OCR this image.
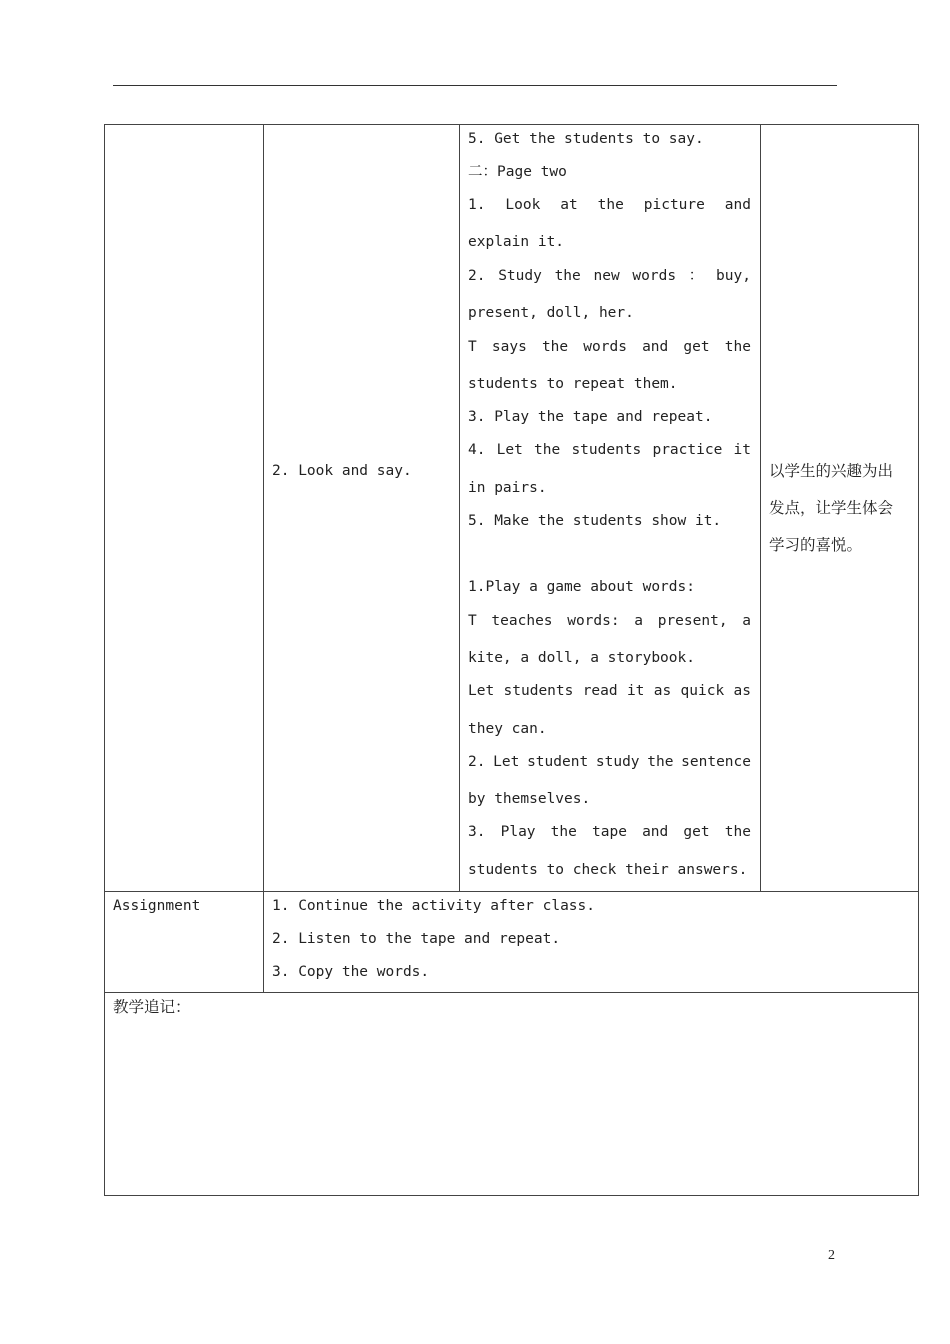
2. Look and say.
5. Get the students to say.
二：Page two
1. Look at the picture and
explain it.
2. Study the new words ： buy,
present, doll, her.
T says the words and get the
students to repeat them.
3. Play the tape and repeat.
4. Let the students practice it
in pairs.
5. Make the students show it.
1.Play a game about words:
T teaches words: a present, a
kite, a doll, a storybook.
Let students read it as quick as
they can.
2. Let student study the sentence
by themselves.
3. Play the tape and get the
students to check their answers.
以学生的兴趣为出
发点，让学生体会
学习的喜悦。
Assignment	1. Continue the activity after class.
2. Listen to the tape and repeat.
3. Copy the words.
教学追记：
2
